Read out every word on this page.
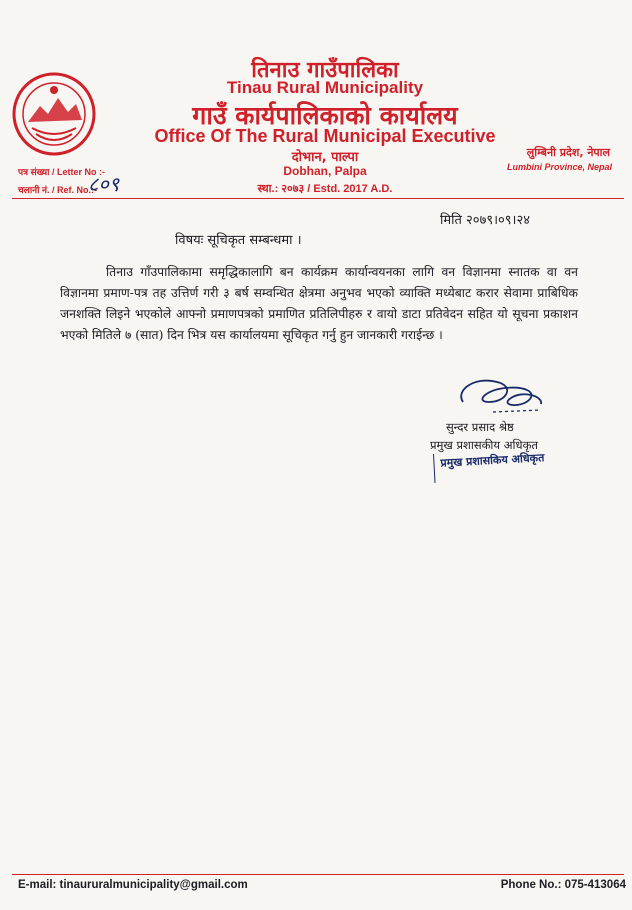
तिनाउ गाउँपालिका
Tinau Rural Municipality
गाउँ कार्यपालिकाको कार्यालय
Office Of The Rural Municipal Executive
दोभान, पाल्पा
Dobhan, Palpa
स्था.: २०७३ / Estd. 2017 A.D.
लुम्बिनी प्रदेश, नेपाल
Lumbini Province, Nepal
पत्र संख्या / Letter No :-
चलानी नं. / Ref. No.:-
८०९
मिति २०७९।०९।२४
विषयः सूचिकृत सम्बन्धमा ।
तिनाउ गाँउपालिकामा समृद्धिकालागि बन कार्यक्रम कार्यान्वयनका लागि वन विज्ञानमा स्नातक वा वन विज्ञानमा प्रमाण-पत्र तह उत्तिर्ण गरी ३ बर्ष सम्वन्धित क्षेत्रमा अनुभव भएको व्याक्ति मध्येबाट करार सेवामा प्राबिधिक जनशक्ति लिइने भएकोले आफ्नो प्रमाणपत्रको प्रमाणित प्रतिलिपीहरु र वायो डाटा प्रतिवेदन सहित यो सूचना प्रकाशन भएको मितिले ७ (सात) दिन भित्र यस कार्यालयमा सूचिकृत गर्नु हुन जानकारी गराईन्छ ।
सुन्दर प्रसाद श्रेष्ठ
प्रमुख प्रशासकीय अधिकृत
प्रमुख प्रशासकिय अधिकृत
E-mail: tinaururalmunicipality@gmail.com	Phone No.: 075-413064
